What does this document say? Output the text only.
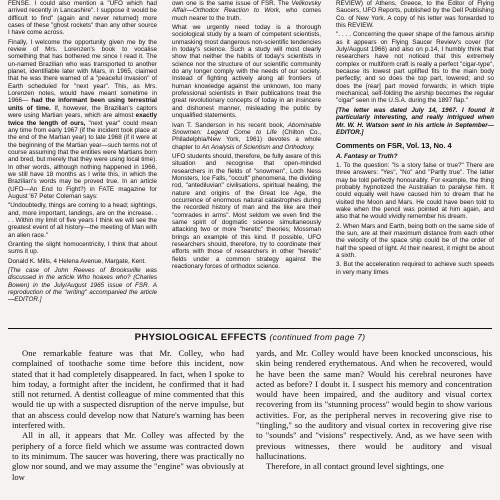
FENSE. I could also mention a "UFO which had arrived recently in Lancashire". I suppose it would be difficult to find" (again and never returned) more cases of these "ghost rockets" than any other source I have come across.

Finally, I welcome the opportunity given me by the review of Mrs. Lorenzen's book to vocalise something that has bothered me since I read it. The un-named Brazilian who was transported to another planet, identifiable later with Mars, in 1965, claimed that he was there warned of a "peaceful invasion" of Earth scheduled for "next year". This, as Mrs. Lorenzen notes, would have meant sometime in 1966— had the informant been using terrestrial units of time. If, however, the Brazilian's captors were using Martian years, which are almost exactly twice the length of ours, "next year" could mean any time from early 1967 (if the incident took place at the end of the Martian year) to late 1968 (if it were at the beginning of the Martian year—such terms not of course assuming that the entities were Martians born and bred, but merely that they were using local time). In other words, although nothing happened in 1966, we still have 18 months as I write this, in which the Brazilian's words may be proved true. In an article (UFO—An End to Fight?) in FATE magazine for August '67 Peter Coleman says:

"Undoubtedly, things are coming to a head; sightings, and, more important, landings, are on the increase. . . . Within my limit of five years I think we will see the greatest event of all history—the meeting of Man with an alien race."

Granting the slight homocentricity, I think that about sums it up.

Donald K. Mills, 4 Helena Avenue, Margate, Kent.

[The case of John Reeves of Brooksville was discussed in the article Who hoaxes who? (Charles Bowen) in the July/August 1965 issue of FSR. A reproduction of the "writing" accompanied the article—EDITOR.]

own one is the same issue of FSR. The Velikovsky Affair—Orthodox Reaction to Work, who comes much nearer to the truth.

What we urgently need today is a thorough sociological study by a team of competent scientists, unmasking most dangerous non-scientific tendencies in today's science. Such a study will most clearly show that neither the habits of today's scientists in science nor the structure of our scientific community do any longer comply with the needs of our society. Instead of fighting actively along all frontiers of human knowledge against the unknown, too many professional scientists in their publications treat the great revolutionary concepts of today in an insincere and dishonest manner, misleading the public by unqualified statements.

Ivan T. Sanderson in his recent book, Abominable Snowmen: Legend Come to Life (Chilton Co., Philadelphia/New York, 1961) devotes a whole chapter to An Analysis of Scientism and Orthodoxy.

UFO students should, therefore, be fully aware of this situation and recognise that open-minded researchers in the fields of "snowmen", Loch Ness Monsters, Ice Falls, "occult" phenomena, the dividing rod, "antediluvian" civilisations, spiritual healing, the nature and origins of the Great Ice Age, the occurrence of enormous natural catastrophes during the recorded history of man and the like are their "comrades in arms". Most seldom we even find the same spirit of dogmatic science simultaneously attacking two or more "heretic" theories; Mossman brings an example of this kind. If possible, UFO researchers should, therefore, try to coordinate their efforts with those of researchers in other "heretic" fields under a common strategy against the reactionary forces of orthodox science.

REVIEW) of Athens, Greece, to the Editor of Flying Saucers, UFO Reports, published by the Dell Publishing Co. of New York. A copy of his letter was forwarded to this REVIEW.

". . . . Concerning the queer shape of the famous airship as it appears on Flying Saucer Review's cover (for July/August 1966) and also on p.14, I humbly think that researchers have not noticed that this extremely complex or multiform craft is really a perfect "cigar-type", because its lowest part uplifted fits to the main body perfectly; and so does the top part, lowered; and so does the [rear] part moved forwards; in which triple mechanical, self-folding the airship becomes the regular "cigar" seen in the U.S.A. during the 1897 flap."

[The letter was dated July 14, 1967. I found it particularly interesting, and really intrigued when Mr. W. H. Watson sent in his article in September—EDITOR.]

Comments on FSR, Vol. 13, No. 4
A. Fantasy or Truth?

1. To the question: "Is a story false or true?" There are three answers: "Yes", "No" and "Partly true". The latter may be told perfectly honourably. For example, the thing probably hypnotized the Australian to paralyse him. It could equally well have caused him to dream that he visited the Moon and Mars. He could have been told to wake when the pencil was pointed at him again, and also that he would vividly remember his dream.

2. When Mars and Earth, being both on the same side of the sun, are at their maximum distance from each other the velocity of the space ship could be of the order of half the speed of light. At their nearest, it might be about a sixth.

3. But the acceleration required to achieve such speeds in very many times

PHYSIOLOGICAL EFFECTS (continued from page 7)

One remarkable feature was that Mr. Colley, who had complained of toothache some time before this incident, now stated that it had completely disappeared. In fact, when I spoke to him today, a fortnight after the incident, he confirmed that it had still not returned. A dentist colleague of mine commented that this would tie up with a suspected disruption of the nerve impulse, but that an abscess could develop now that Nature's warning has been interfered with.

All in all, it appears that Mr. Colley was affected by the periphery of a force field which we assume was contracted down to its minimum. The saucer was hovering, there was practically no glow nor sound, and we may assume the "engine" was obviously at low

yards, and Mr. Colley would have been knocked unconscious, his skin being rendered erythematous. And when he recovered, would he have been the same man? Would his cerebral neurones have acted as before? I doubt it. I suspect his memory and concentration would have been impaired, and the auditory and visual cortex recovering from its "stunning process" would begin to show various activities. For, as the peripheral nerves in recovering give rise to "tingling," so the auditory and visual cortex in recovering give rise to "sounds" and "visions" respectively. And, as we have seen with previous witnesses, there would be auditory and visual hallucinations.

Therefore, in all contact ground level sightings, one
